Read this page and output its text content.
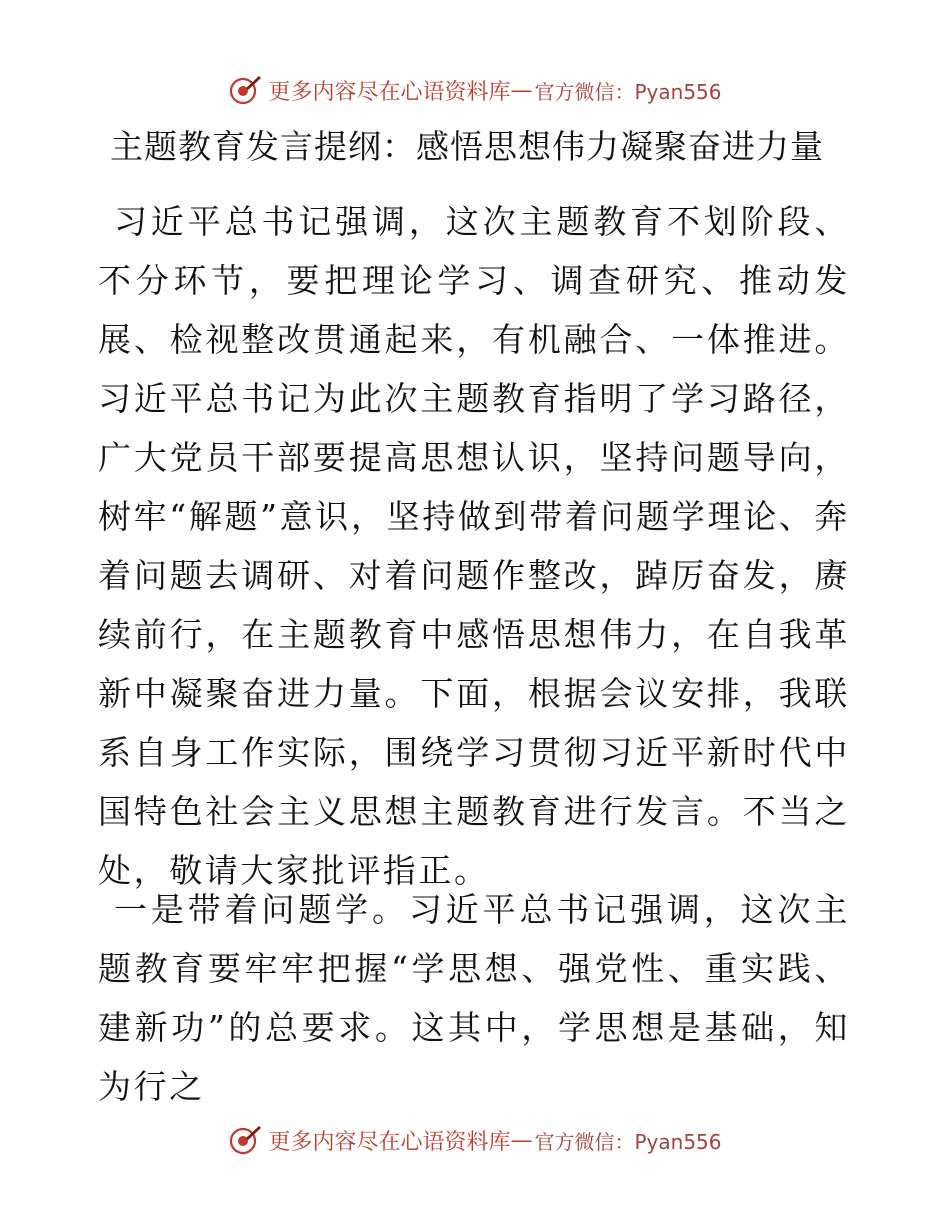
更多内容尽在心语资料库 — 官方微信：Pyan556
主题教育发言提纲：感悟思想伟力凝聚奋进力量

习近平总书记强调，这次主题教育不划阶段、不分环节，要把理论学习、调查研究、推动发展、检视整改贯通起来，有机融合、一体推进。习近平总书记为此次主题教育指明了学习路径，广大党员干部要提高思想认识，坚持问题导向，树牢“解题”意识，坚持做到带着问题学理论、奔着问题去调研、对着问题作整改，踔厉奋发，赓续前行，在主题教育中感悟思想伟力，在自我革新中凝聚奋进力量。下面，根据会议安排，我联系自身工作实际，围绕学习贯彻习近平新时代中国特色社会主义思想主题教育进行发言。不当之处，敬请大家批评指正。

一是带着问题学。习近平总书记强调，这次主题教育要牢牢把握“学思想、强党性、重实践、建新功”的总要求。这其中，学思想是基础，知为行之

更多内容尽在心语资料库 — 官方微信：Pyan556
